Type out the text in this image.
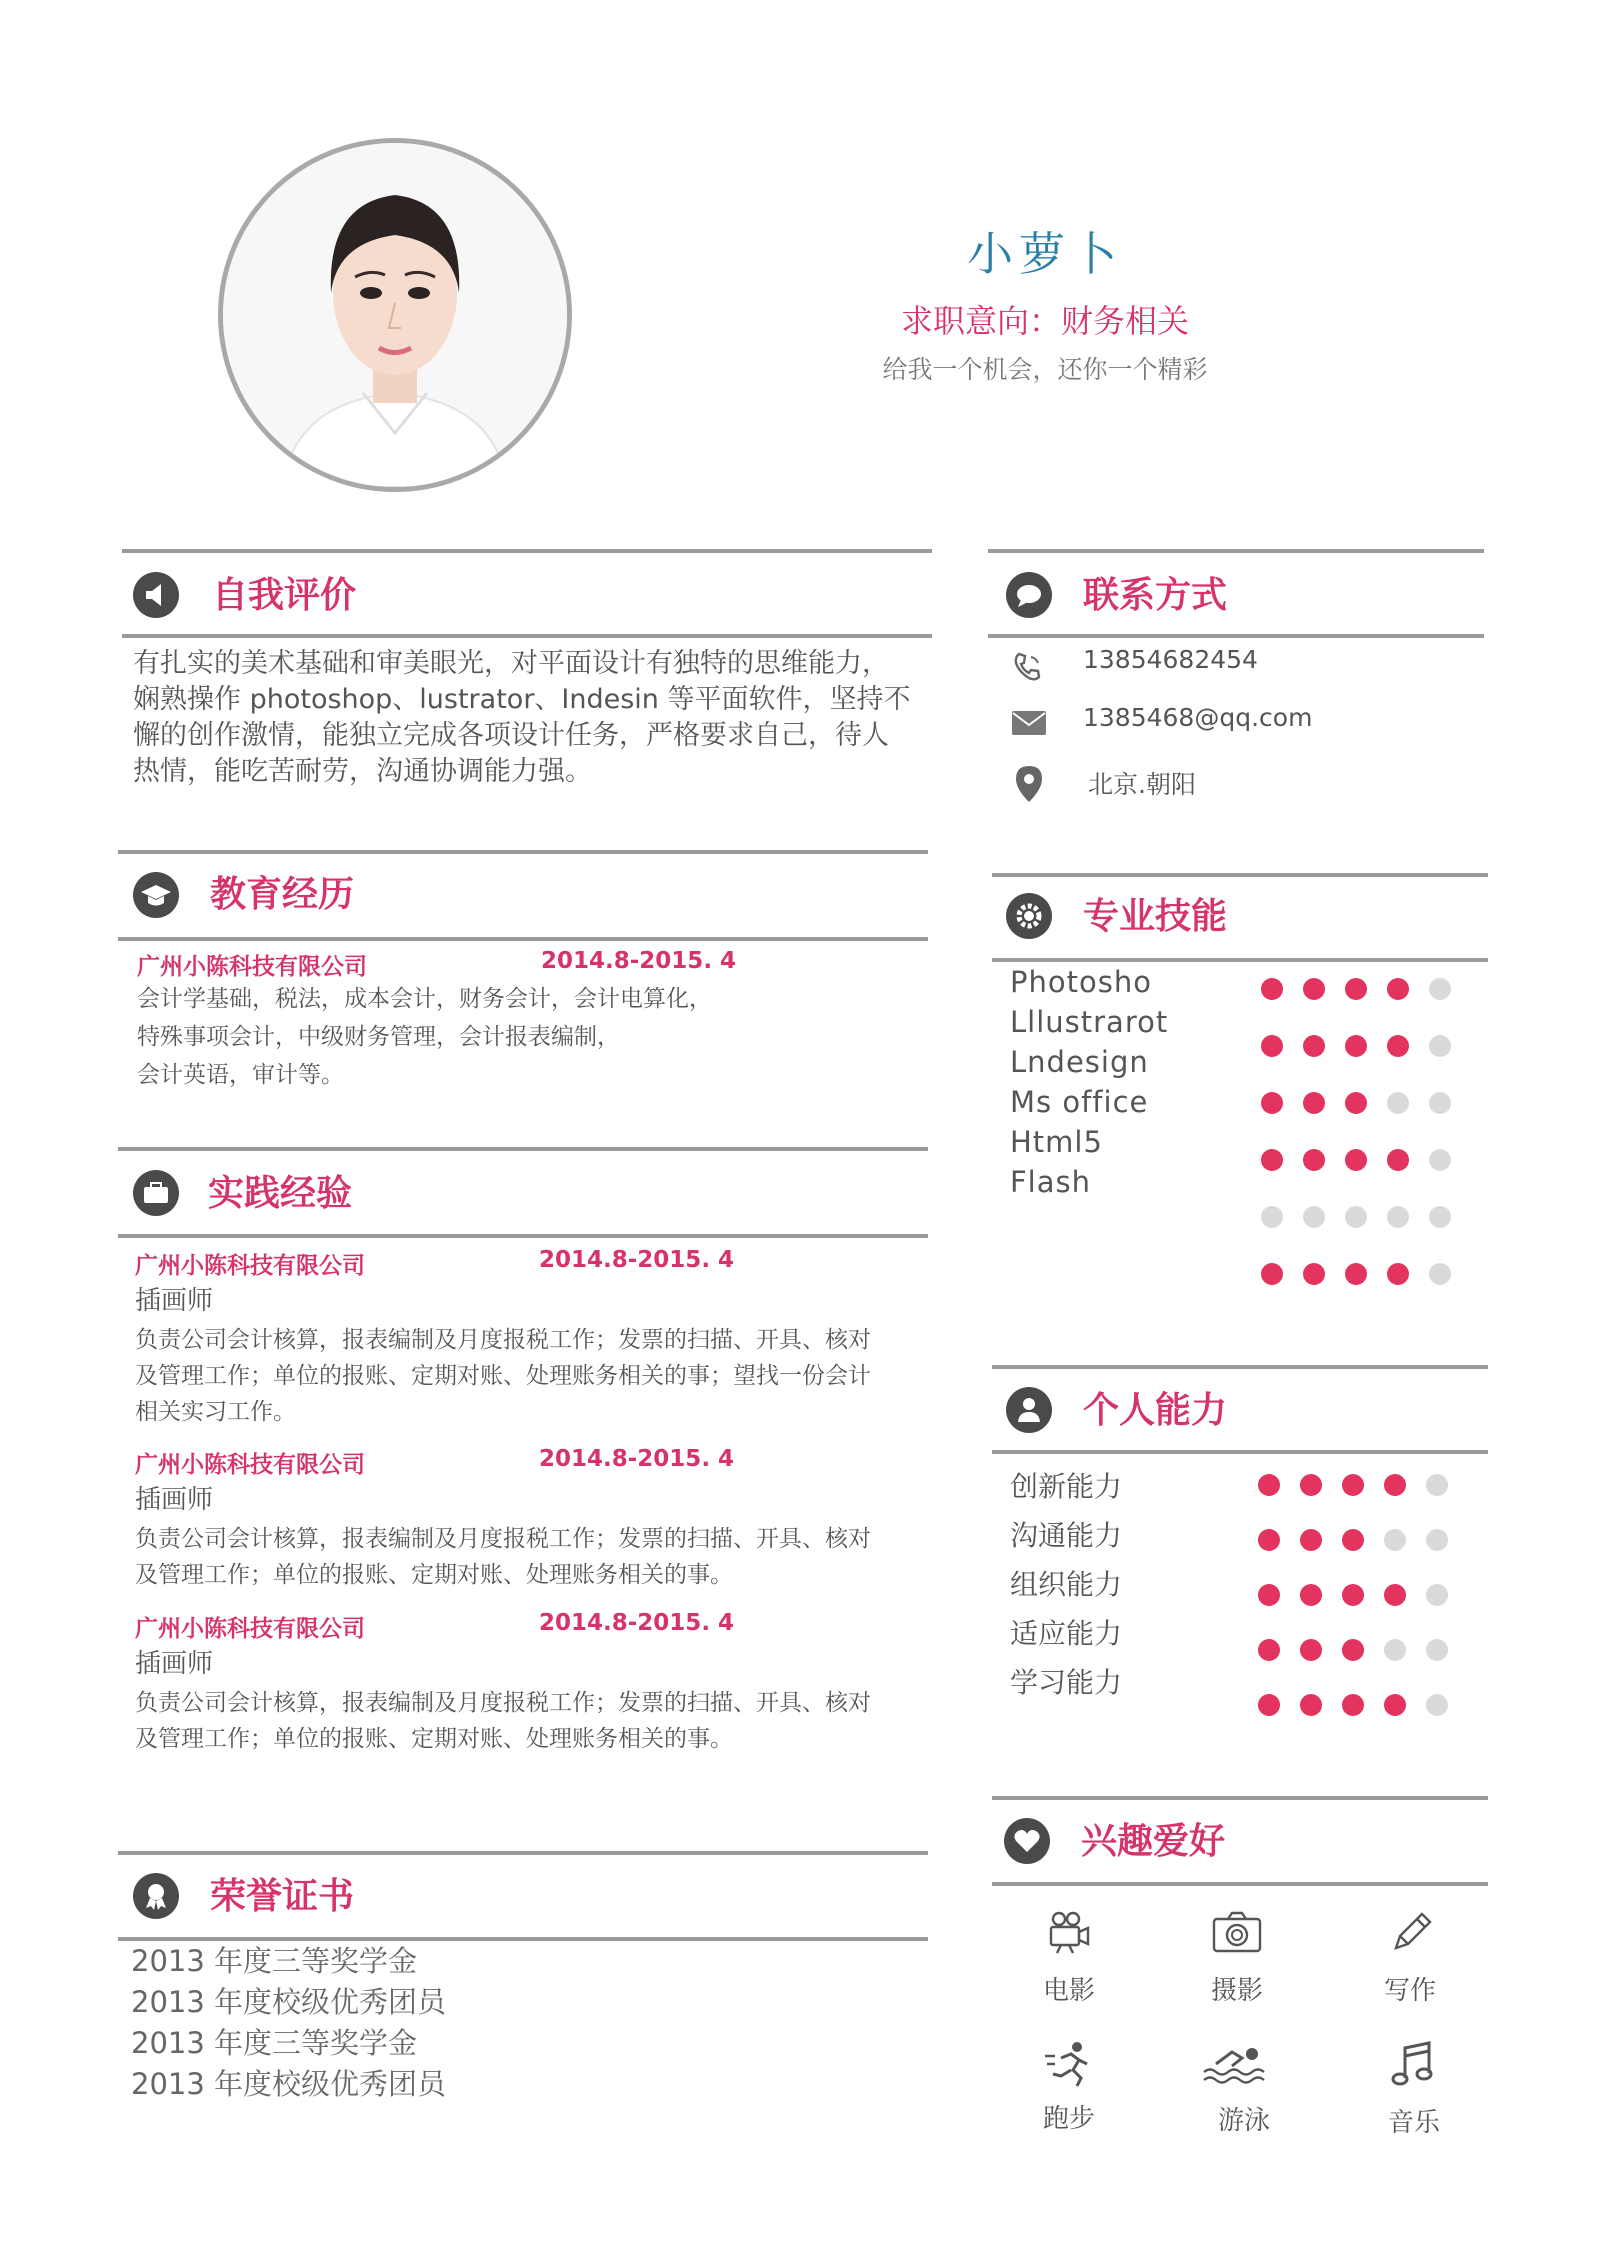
小萝卜
求职意向：财务相关
给我一个机会，还你一个精彩
自我评价
有扎实的美术基础和审美眼光，对平面设计有独特的思维能力，
娴熟操作 photoshop、lustrator、Indesin 等平面软件，坚持不
懈的创作激情，能独立完成各项设计任务，严格要求自己，待人
热情，能吃苦耐劳，沟通协调能力强。
教育经历
广州小陈科技有限公司	2014.8-2015. 4
会计学基础，税法，成本会计，财务会计，会计电算化，
特殊事项会计，中级财务管理，会计报表编制，
会计英语，审计等。
实践经验
广州小陈科技有限公司	2014.8-2015. 4
插画师
负责公司会计核算，报表编制及月度报税工作；发票的扫描、开具、核对
及管理工作；单位的报账、定期对账、处理账务相关的事；望找一份会计
相关实习工作。
广州小陈科技有限公司	2014.8-2015. 4
插画师
负责公司会计核算，报表编制及月度报税工作；发票的扫描、开具、核对
及管理工作；单位的报账、定期对账、处理账务相关的事。
广州小陈科技有限公司	2014.8-2015. 4
插画师
负责公司会计核算，报表编制及月度报税工作；发票的扫描、开具、核对
及管理工作；单位的报账、定期对账、处理账务相关的事。
荣誉证书
2013 年度三等奖学金
2013 年度校级优秀团员
2013 年度三等奖学金
2013 年度校级优秀团员
联系方式
13854682454
1385468@qq.com
北京.朝阳
专业技能
Photosho
Lllustrarot
Lndesign
Ms office
Html5
Flash
个人能力
创新能力
沟通能力
组织能力
适应能力
学习能力
兴趣爱好
电影	摄影	写作
跑步	游泳	音乐
